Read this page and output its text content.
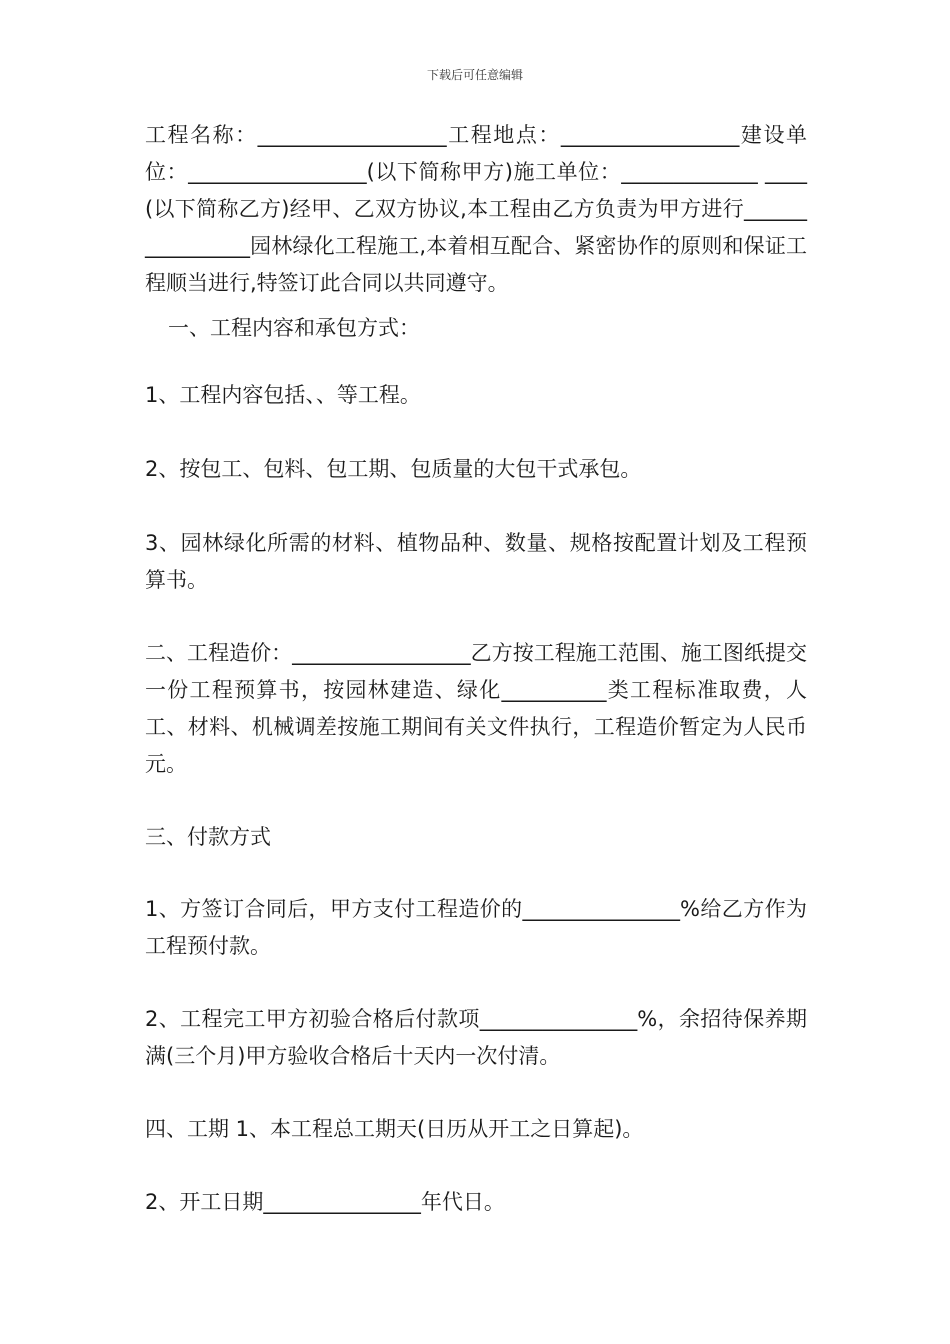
下载后可任意编辑

工程名称：__________________工程地点：_________________建设单位：_________________(以下简称甲方)施工单位：_____________ ____(以下简称乙方)经甲、乙双方协议,本工程由乙方负责为甲方进行________________园林绿化工程施工,本着相互配合、紧密协作的原则和保证工程顺当进行,特签订此合同以共同遵守。

一、工程内容和承包方式：

1、工程内容包括、、等工程。

2、按包工、包料、包工期、包质量的大包干式承包。

3、园林绿化所需的材料、植物品种、数量、规格按配置计划及工程预算书。

二、工程造价：_________________乙方按工程施工范围、施工图纸提交一份工程预算书，按园林建造、绿化__________类工程标准取费，人工、材料、机械调差按施工期间有关文件执行，工程造价暂定为人民币元。

三、付款方式

1、方签订合同后，甲方支付工程造价的_______________%给乙方作为工程预付款。

2、工程完工甲方初验合格后付款项_______________%，余招待保养期满(三个月)甲方验收合格后十天内一次付清。

四、工期 1、本工程总工期天(日历从开工之日算起)。

2、开工日期_______________年代日。
